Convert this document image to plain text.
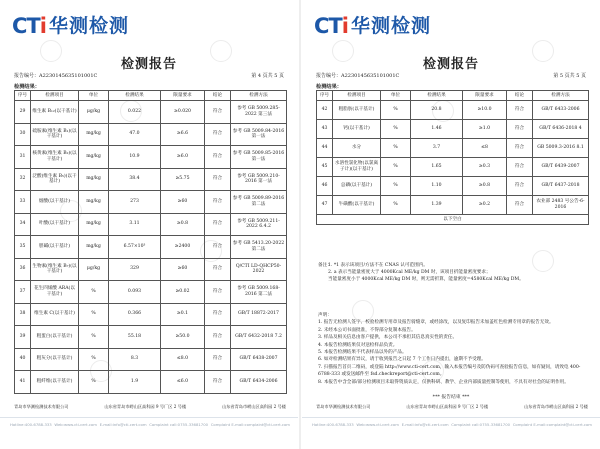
CTi 华测检测
检测报告
报告编号：A2230145635101001C	第 4 页共 5 页
检测结果：
序号	检测项目	单位	检测结果	限量要求	结论	检测方法
29	维生素 B₁₂(以干基计)	μg/kg	0.022	≥0.020	符合	参考 GB 5009.285-2022 第三法
30	硫胺素(维生素 B₁)(以干基计)	mg/kg	47.0	≥6.6	符合	参考 GB 5009.84-2016 第一法
31	核黄素(维生素 B₂)(以干基计)	mg/kg	10.9	≥6.0	符合	参考 GB 5009.85-2016 第一法
32	泛酸(维生素 B₅)(以干基计)	mg/kg	38.4	≥5.75	符合	参考 GB 5009.210-2016 第一法
33	烟酸(以干基计)	mg/kg	273	≥60	符合	参考 GB 5009.89-2016 第二法
34	叶酸(以干基计)	mg/kg	3.11	≥0.8	符合	参考 GB 5009.211-2022 6.4.2
35	胆碱(以干基计)	mg/kg	6.57×10³	≥2400	符合	参考 GB 5413.20-2022 第二法
36	生物素(维生素 B₇)(以干基计)	μg/kg	329	≥60	符合	Q/CTI LD-QHCP50-2022
37	花生四烯酸 ARA(以干基计)	%	0.093	≥0.02	符合	参考 GB 5009.168-2016 第二法
38	维生素 C(以干基计)	%	0.366	≥0.1	符合	GB/T 18872-2017
39	粗蛋白(以干基计)	%	55.18	≥50.0	符合	GB/T 6432-2018 7.2
40	粗灰分(以干基计)	%	8.3	≤8.0	符合	GB/T 6438-2007
41	粗纤维(以干基计)	%	1.9	≤6.0	符合	GB/T 6434-2006
青岛市华测检测技术有限公司	山东省青岛市崂山区高科园 9 号厂区 2 号楼	山东省青岛市崂山区高科园 2 号楼
Hotline:400-6788-333 Web:www.cti-cert.com E-mail:info@cti-cert.com Complaint call:0755-33681700 Complaint E-mail:complaint@cti-cert.com
CTi 华测检测
检测报告
报告编号：A2230145635101001C	第 5 页共 5 页
检测结果：
序号	检测项目	单位	检测结果	限量要求	结论	检测方法
42	粗脂肪(以干基计)	%	20.8	≥10.0	符合	GB/T 6433-2006
43	钙(以干基计)	%	1.46	≥1.0	符合	GB/T 6436-2018 4
44	水分	%	3.7	≤8	符合	GB 5009.3-2016 8.1
45	水溶性氯化物(以氯离子计)(以干基计)	%	1.65	≥0.3	符合	GB/T 6439-2007
46	总磷(以干基计)	%	1.10	≥0.8	符合	GB/T 6437-2018
47	牛磺酸(以干基计)	%	1.39	≥0.2	符合	农业部 2483 号公告-6-2016
以下空白						
备注：
1. *1 表示该项目/方法不在 CNAS 认可范围内。
2. a 表示当能量密度大于 4000Kcal ME/kg DM 时，该项目折能量密度要求；
当能量密度小于 4000Kcal ME/kg DM 时，则无需折算，能量密度=4580Kcal ME/kg DM。
声明：
1. 报告无检测人签字、校验检测专用章及报告骑缝章，或经涂改，以及复印报告未加盖红色检测专用章的报告无效。
2. 未经本公司书面批准，不得部分复制本报告。
3. 样品及相关信息由客户提供，本公司不承担其信息真实性的责任。
4. 本报告检测结果仅对送检样品负责。
5. 本报告检测结果不代表样品以外的产品。
6. 如对检测结果有异议，请于收到报告之日起 7 个工作日内提出，逾期不予受理。
7. 扫描报告首页二维码，或登陆 http://www.cti-cert.com，输入本报告编号及防伪码可查验报告信息，如有疑问，请致电 400-6788-333 或发送邮件至 fsd.checkreport@cti-cert.com。
8. 本报告中含全部/部分检测项目未取得资质认定，仅供科研、教学、企业内部质量控制等使用，不具有对社会的证明作用。
*** 报告结束 ***
青岛市华测检测技术有限公司	山东省青岛市崂山区高科园 9 号厂区 2 号楼	山东省青岛市崂山区高科园 2 号楼
Hotline:400-6788-333 Web:www.cti-cert.com E-mail:info@cti-cert.com Complaint call:0755-33681700 Complaint E-mail:complaint@cti-cert.com
